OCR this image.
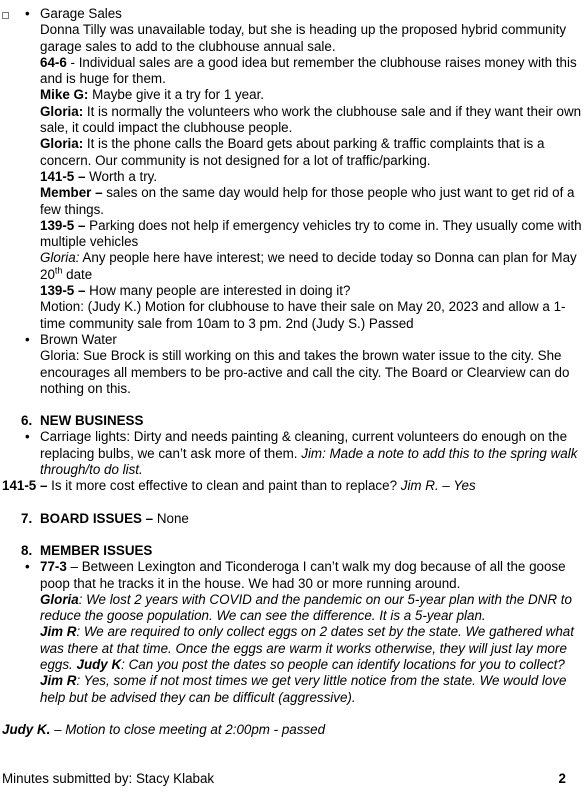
• Garage Sales
Donna Tilly was unavailable today, but she is heading up the proposed hybrid community garage sales to add to the clubhouse annual sale.
64-6 - Individual sales are a good idea but remember the clubhouse raises money with this and is huge for them.
Mike G: Maybe give it a try for 1 year.
Gloria: It is normally the volunteers who work the clubhouse sale and if they want their own sale, it could impact the clubhouse people.
Gloria: It is the phone calls the Board gets about parking & traffic complaints that is a concern. Our community is not designed for a lot of traffic/parking.
141-5 – Worth a try.
Member – sales on the same day would help for those people who just want to get rid of a few things.
139-5 – Parking does not help if emergency vehicles try to come in. They usually come with multiple vehicles
Gloria: Any people here have interest; we need to decide today so Donna can plan for May 20th date
139-5 – How many people are interested in doing it?
Motion: (Judy K.) Motion for clubhouse to have their sale on May 20, 2023 and allow a 1-time community sale from 10am to 3 pm. 2nd (Judy S.) Passed
• Brown Water
Gloria: Sue Brock is still working on this and takes the brown water issue to the city. She encourages all members to be pro-active and call the city. The Board or Clearview can do nothing on this.
6. NEW BUSINESS
• Carriage lights: Dirty and needs painting & cleaning, current volunteers do enough on the replacing bulbs, we can’t ask more of them. Jim: Made a note to add this to the spring walk through/to do list.
141-5 – Is it more cost effective to clean and paint than to replace? Jim R. – Yes
7. BOARD ISSUES – None
8. MEMBER ISSUES
• 77-3 – Between Lexington and Ticonderoga I can’t walk my dog because of all the goose poop that he tracks it in the house. We had 30 or more running around.
Gloria: We lost 2 years with COVID and the pandemic on our 5-year plan with the DNR to reduce the goose population. We can see the difference. It is a 5-year plan.
Jim R: We are required to only collect eggs on 2 dates set by the state. We gathered what was there at that time. Once the eggs are warm it works otherwise, they will just lay more eggs. Judy K: Can you post the dates so people can identify locations for you to collect? Jim R: Yes, some if not most times we get very little notice from the state. We would love help but be advised they can be difficult (aggressive).
Judy K. – Motion to close meeting at 2:00pm - passed
Minutes submitted by: Stacy Klabak	2
